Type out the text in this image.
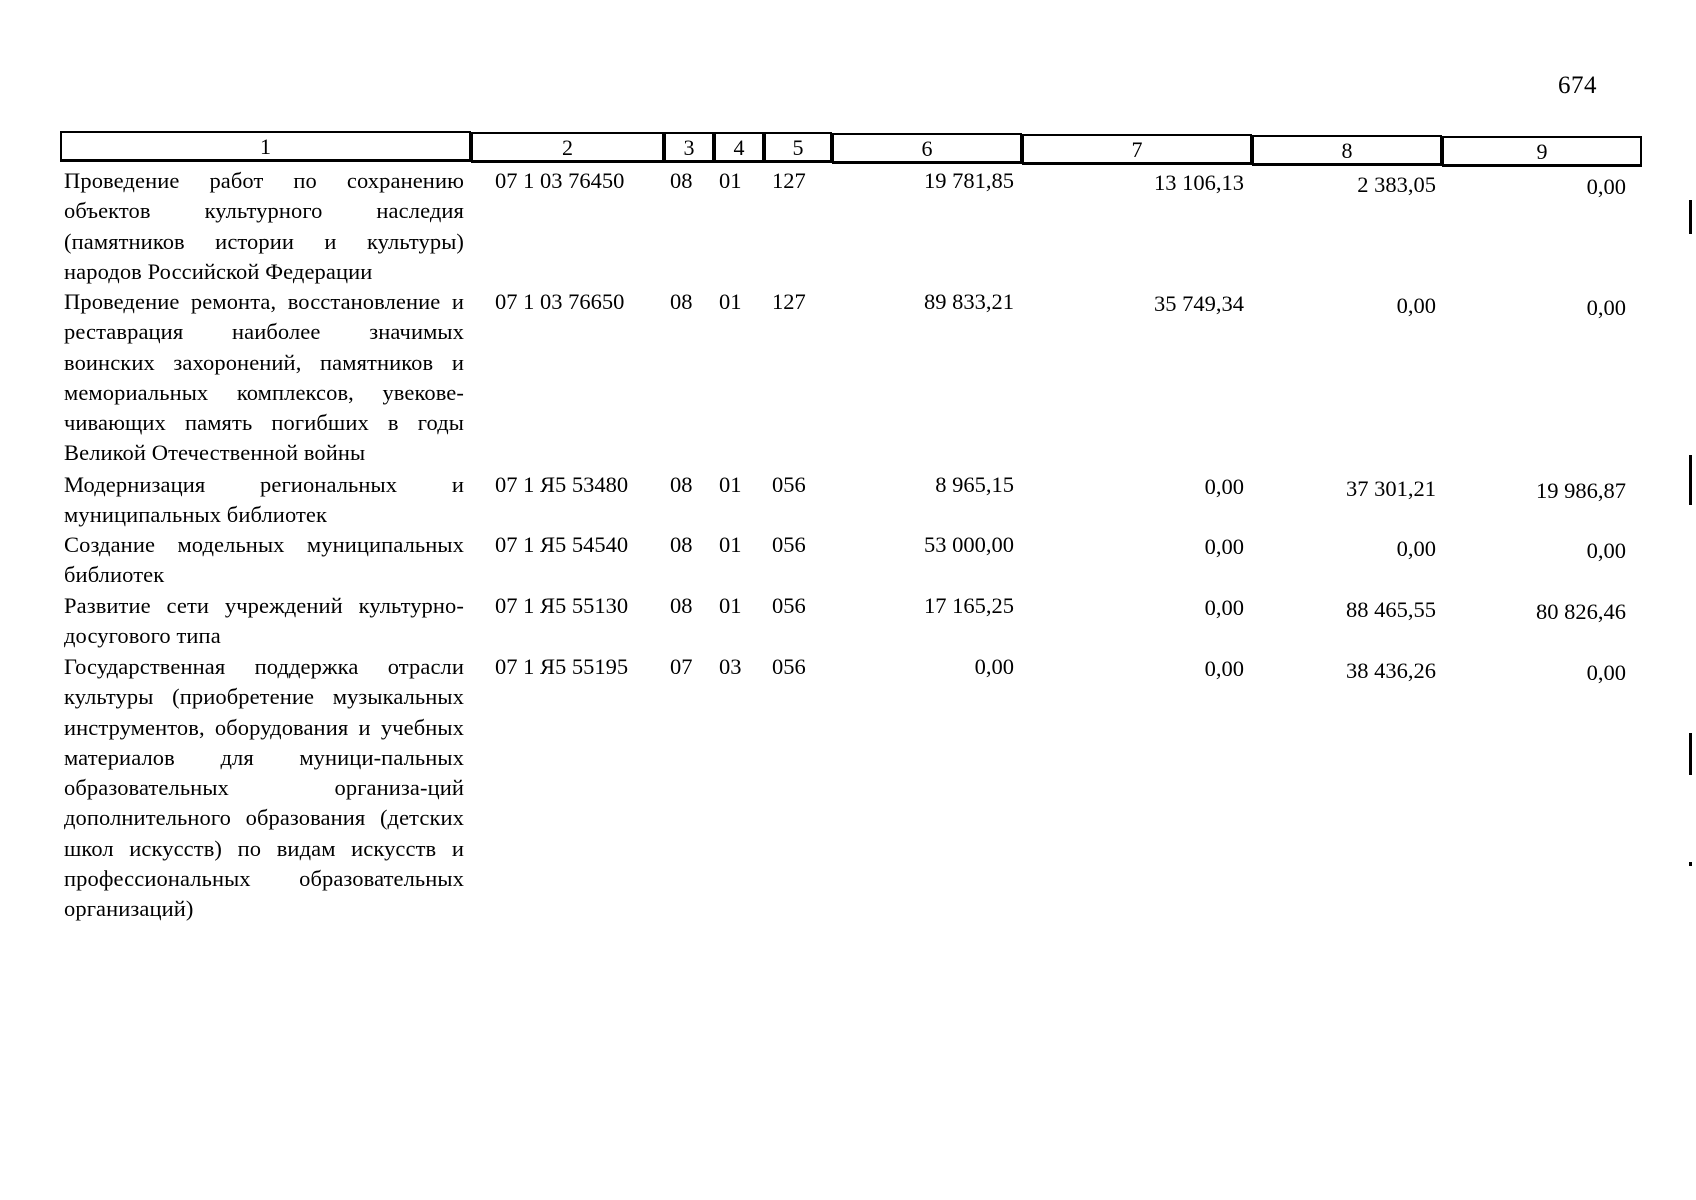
674
1	2	3	4	5	6	7	8	9
Проведение работ по сохранению объектов культурного наследия (памятников истории и культуры) народов Российской Федерации
07 1 03 76450	08	01	127	19 781,85	13 106,13	2 383,05	0,00
Проведение ремонта, восстановление и реставрация наиболее значимых воинских захоронений, памятников и мемориальных комплексов, увекове-чивающих память погибших в годы Великой Отечественной войны
07 1 03 76650	08	01	127	89 833,21	35 749,34	0,00	0,00
Модернизация региональных и муниципальных библиотек
07 1 Я5 53480	08	01	056	8 965,15	0,00	37 301,21	19 986,87
Создание модельных муниципальных библиотек
07 1 Я5 54540	08	01	056	53 000,00	0,00	0,00	0,00
Развитие сети учреждений культурно-досугового типа
07 1 Я5 55130	08	01	056	17 165,25	0,00	88 465,55	80 826,46
Государственная поддержка отрасли культуры (приобретение музыкальных инструментов, оборудования и учебных материалов для муници-пальных образовательных организа-ций дополнительного образования (детских школ искусств) по видам искусств и профессиональных образовательных организаций)
07 1 Я5 55195	07	03	056	0,00	0,00	38 436,26	0,00
